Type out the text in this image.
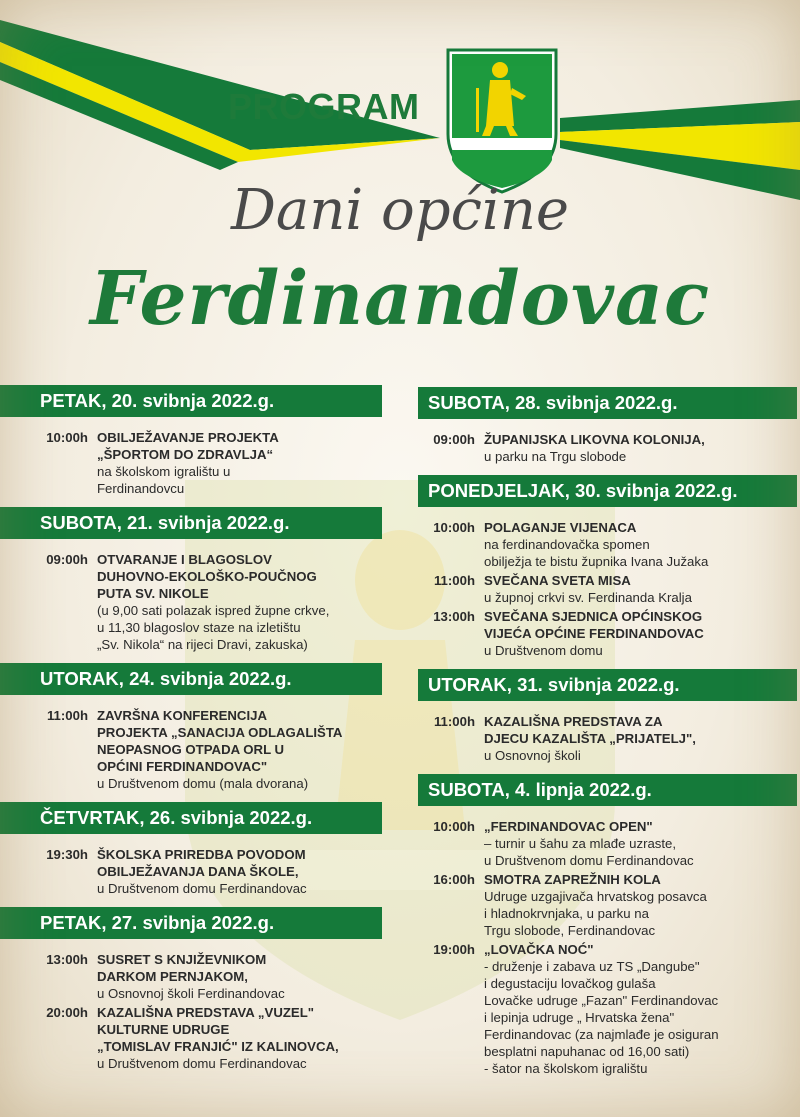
PROGRAM
Dani općine
Ferdinandovac
PETAK, 20. svibnja 2022.g.
10:00h OBILJEŽAVANJE PROJEKTA
„ŠPORTOM DO ZDRAVLJA“
na školskom igralištu u
Ferdinandovcu
SUBOTA, 21. svibnja 2022.g.
09:00h OTVARANJE I BLAGOSLOV
DUHOVNO-EKOLOŠKO-POUČNOG
PUTA SV. NIKOLE
(u 9,00 sati polazak ispred župne crkve,
u 11,30 blagoslov staze na izletištu
„Sv. Nikola“ na rijeci Dravi, zakuska)
UTORAK, 24. svibnja 2022.g.
11:00h ZAVRŠNA KONFERENCIJA
PROJEKTA „SANACIJA ODLAGALIŠTA
NEOPASNOG OTPADA ORL U
OPĆINI FERDINANDOVAC"
u Društvenom domu (mala dvorana)
ČETVRTAK, 26. svibnja 2022.g.
19:30h ŠKOLSKA PRIREDBA POVODOM
OBILJEŽAVANJA DANA ŠKOLE,
u Društvenom domu Ferdinandovac
PETAK, 27. svibnja 2022.g.
13:00h SUSRET S KNJIŽEVNIKOM
DARKOM PERNJAKOM,
u Osnovnoj školi Ferdinandovac
20:00h KAZALIŠNA PREDSTAVA „VUZEL"
KULTURNE UDRUGE
„TOMISLAV FRANJIĆ" IZ KALINOVCA,
u Društvenom domu Ferdinandovac
SUBOTA, 28. svibnja 2022.g.
09:00h ŽUPANIJSKA LIKOVNA KOLONIJA,
u parku na Trgu slobode
PONEDJELJAK, 30. svibnja 2022.g.
10:00h POLAGANJE VIJENACA
na ferdinandovačka spomen
obilježja te bistu župnika Ivana Južaka
11:00h SVEČANA SVETA MISA
u župnoj crkvi sv. Ferdinanda Kralja
13:00h SVEČANA SJEDNICA OPĆINSKOG
VIJEĆA OPĆINE FERDINANDOVAC
u Društvenom domu
UTORAK, 31. svibnja 2022.g.
11:00h KAZALIŠNA PREDSTAVA ZA
DJECU KAZALIŠTA „PRIJATELJ",
u Osnovnoj školi
SUBOTA, 4. lipnja 2022.g.
10:00h „FERDINANDOVAC OPEN"
– turnir u šahu za mlađe uzraste,
u Društvenom domu Ferdinandovac
16:00h SMOTRA ZAPREŽNIH KOLA
Udruge uzgajivača hrvatskog posavca
i hladnokrvnjaka, u parku na
Trgu slobode, Ferdinandovac
19:00h „LOVAČKA NOĆ"
- druženje i zabava uz TS „Dangube"
i degustaciju lovačkog gulaša
Lovačke udruge „Fazan" Ferdinandovac
i lepinja udruge „ Hrvatska žena"
Ferdinandovac (za najmlađe je osiguran
besplatni napuhanac od 16,00 sati)
- šator na školskom igralištu
